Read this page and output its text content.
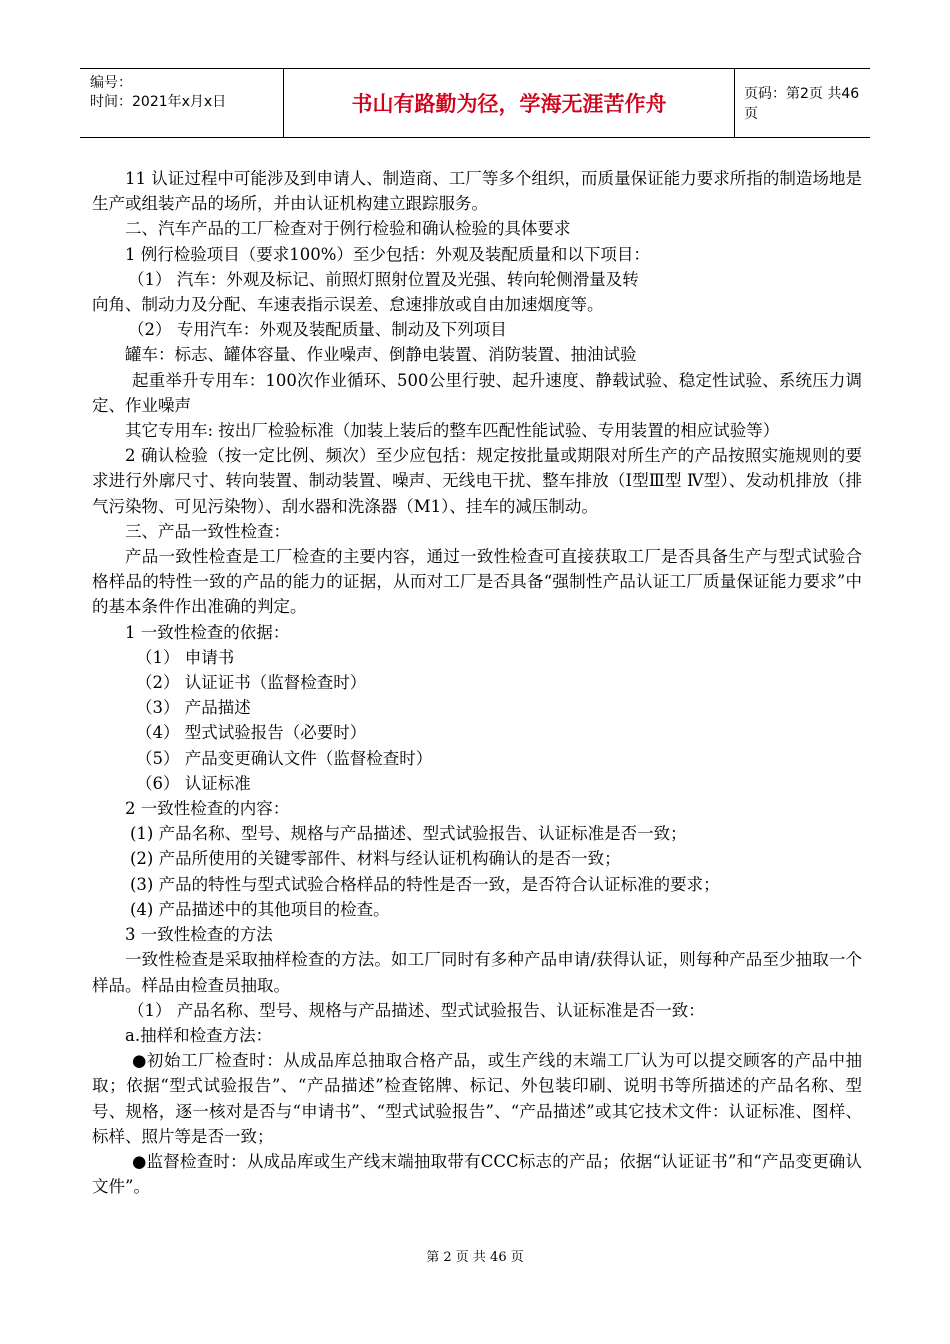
编号：
时间：2021年x月x日	书山有路勤为径，学海无涯苦作舟	页码：第2页 共46页

11 认证过程中可能涉及到申请人、制造商、工厂等多个组织，而质量保证能力要求所指的制造场地是生产或组装产品的场所，并由认证机构建立跟踪服务。

二、汽车产品的工厂检查对于例行检验和确认检验的具体要求

1 例行检验项目（要求100%）至少包括：外观及装配质量和以下项目：

（1） 汽车：外观及标记、前照灯照射位置及光强、转向轮侧滑量及转

向角、制动力及分配、车速表指示误差、怠速排放或自由加速烟度等。

（2） 专用汽车：外观及装配质量、制动及下列项目

罐车：标志、罐体容量、作业噪声、倒静电装置、消防装置、抽油试验

起重举升专用车：100次作业循环、500公里行驶、起升速度、静载试验、稳定性试验、系统压力调定、作业噪声

其它专用车: 按出厂检验标准（加装上装后的整车匹配性能试验、专用装置的相应试验等）

2 确认检验（按一定比例、频次）至少应包括：规定按批量或期限对所生产的产品按照实施规则的要求进行外廓尺寸、转向装置、制动装置、噪声、无线电干扰、整车排放（Ⅰ型Ⅲ型 Ⅳ型）、发动机排放（排气污染物、可见污染物）、刮水器和洗涤器（M1）、挂车的减压制动。

三、产品一致性检查：

产品一致性检查是工厂检查的主要内容，通过一致性检查可直接获取工厂是否具备生产与型式试验合格样品的特性一致的产品的能力的证据，从而对工厂是否具备“强制性产品认证工厂质量保证能力要求”中的基本条件作出准确的判定。

1 一致性检查的依据：

（1） 申请书

（2） 认证证书（监督检查时）

（3） 产品描述

（4） 型式试验报告（必要时）

（5） 产品变更确认文件（监督检查时）

（6） 认证标准

2 一致性检查的内容：

(1) 产品名称、型号、规格与产品描述、型式试验报告、认证标准是否一致；

(2) 产品所使用的关键零部件、材料与经认证机构确认的是否一致；

(3) 产品的特性与型式试验合格样品的特性是否一致，是否符合认证标准的要求；

(4) 产品描述中的其他项目的检查。

3 一致性检查的方法

一致性检查是采取抽样检查的方法。如工厂同时有多种产品申请/获得认证，则每种产品至少抽取一个样品。样品由检查员抽取。

（1） 产品名称、型号、规格与产品描述、型式试验报告、认证标准是否一致：

a.抽样和检查方法：

●初始工厂检查时：从成品库总抽取合格产品，或生产线的末端工厂认为可以提交顾客的产品中抽取；依据“型式试验报告”、“产品描述”检查铭牌、标记、外包装印刷、说明书等所描述的产品名称、型号、规格，逐一核对是否与“申请书”、“型式试验报告”、“产品描述”或其它技术文件：认证标准、图样、标样、照片等是否一致；

●监督检查时：从成品库或生产线末端抽取带有CCC标志的产品；依据“认证证书”和“产品变更确认文件”。

第 2 页 共 46 页
